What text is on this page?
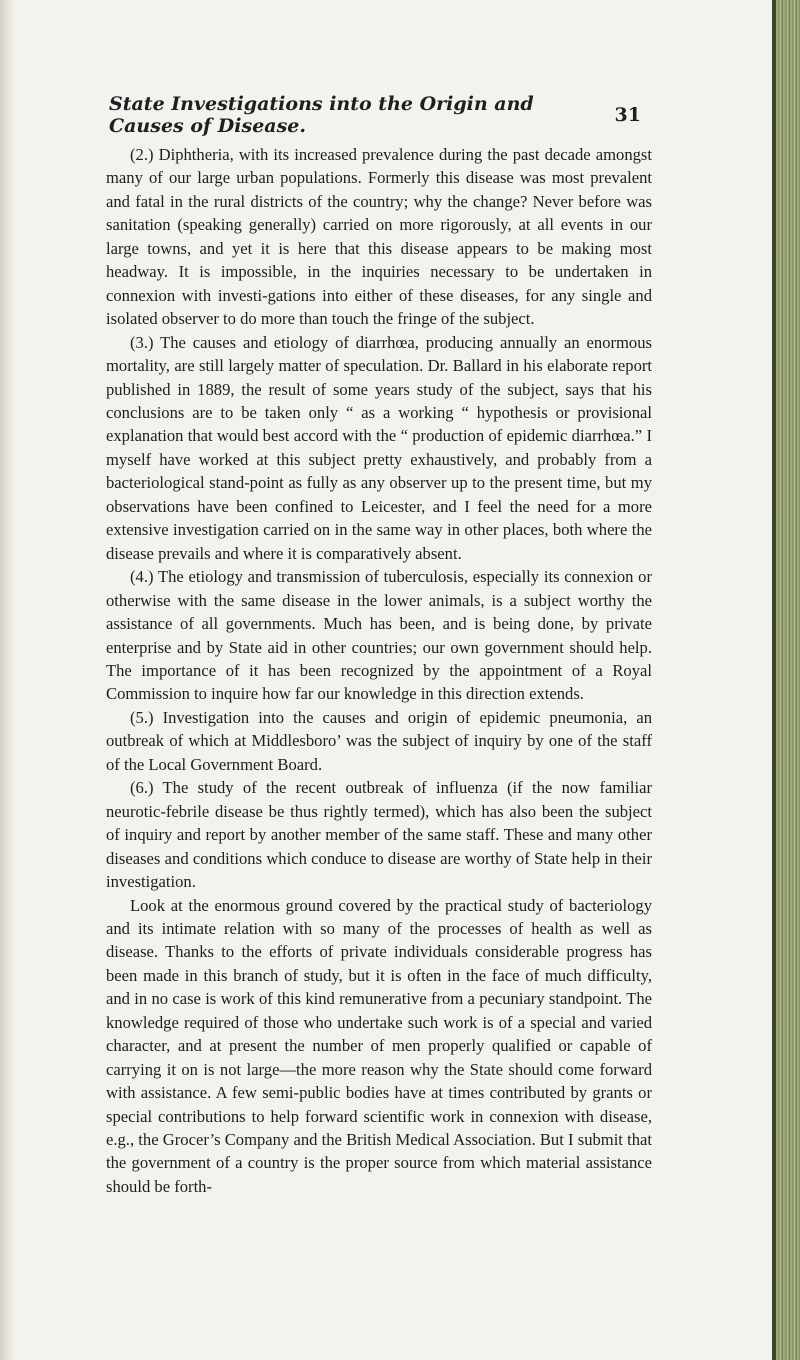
State Investigations into the Origin and Causes of Disease.	31

(2.) Diphtheria, with its increased prevalence during the past decade amongst many of our large urban populations. Formerly this disease was most prevalent and fatal in the rural districts of the country; why the change? Never before was sanitation (speaking generally) carried on more rigorously, at all events in our large towns, and yet it is here that this disease appears to be making most headway. It is impossible, in the inquiries necessary to be undertaken in connexion with investi-gations into either of these diseases, for any single and isolated observer to do more than touch the fringe of the subject.

(3.) The causes and etiology of diarrhœa, producing annually an enormous mortality, are still largely matter of speculation. Dr. Ballard in his elaborate report published in 1889, the result of some years study of the subject, says that his conclusions are to be taken only “ as a working “ hypothesis or provisional explanation that would best accord with the “ production of epidemic diarrhœa.” I myself have worked at this subject pretty exhaustively, and probably from a bacteriological stand-point as fully as any observer up to the present time, but my observations have been confined to Leicester, and I feel the need for a more extensive investigation carried on in the same way in other places, both where the disease prevails and where it is comparatively absent.

(4.) The etiology and transmission of tuberculosis, especially its connexion or otherwise with the same disease in the lower animals, is a subject worthy the assistance of all governments. Much has been, and is being done, by private enterprise and by State aid in other countries; our own government should help. The importance of it has been recognized by the appointment of a Royal Commission to inquire how far our knowledge in this direction extends.

(5.) Investigation into the causes and origin of epidemic pneumonia, an outbreak of which at Middlesboro’ was the subject of inquiry by one of the staff of the Local Government Board.

(6.) The study of the recent outbreak of influenza (if the now familiar neurotic-febrile disease be thus rightly termed), which has also been the subject of inquiry and report by another member of the same staff. These and many other diseases and conditions which conduce to disease are worthy of State help in their investigation.

Look at the enormous ground covered by the practical study of bacteriology and its intimate relation with so many of the processes of health as well as disease. Thanks to the efforts of private individuals considerable progress has been made in this branch of study, but it is often in the face of much difficulty, and in no case is work of this kind remunerative from a pecuniary standpoint. The knowledge required of those who undertake such work is of a special and varied character, and at present the number of men properly qualified or capable of carrying it on is not large—the more reason why the State should come forward with assistance. A few semi-public bodies have at times contributed by grants or special contributions to help forward scientific work in connexion with disease, e.g., the Grocer’s Company and the British Medical Association. But I submit that the government of a country is the proper source from which material assistance should be forth-
